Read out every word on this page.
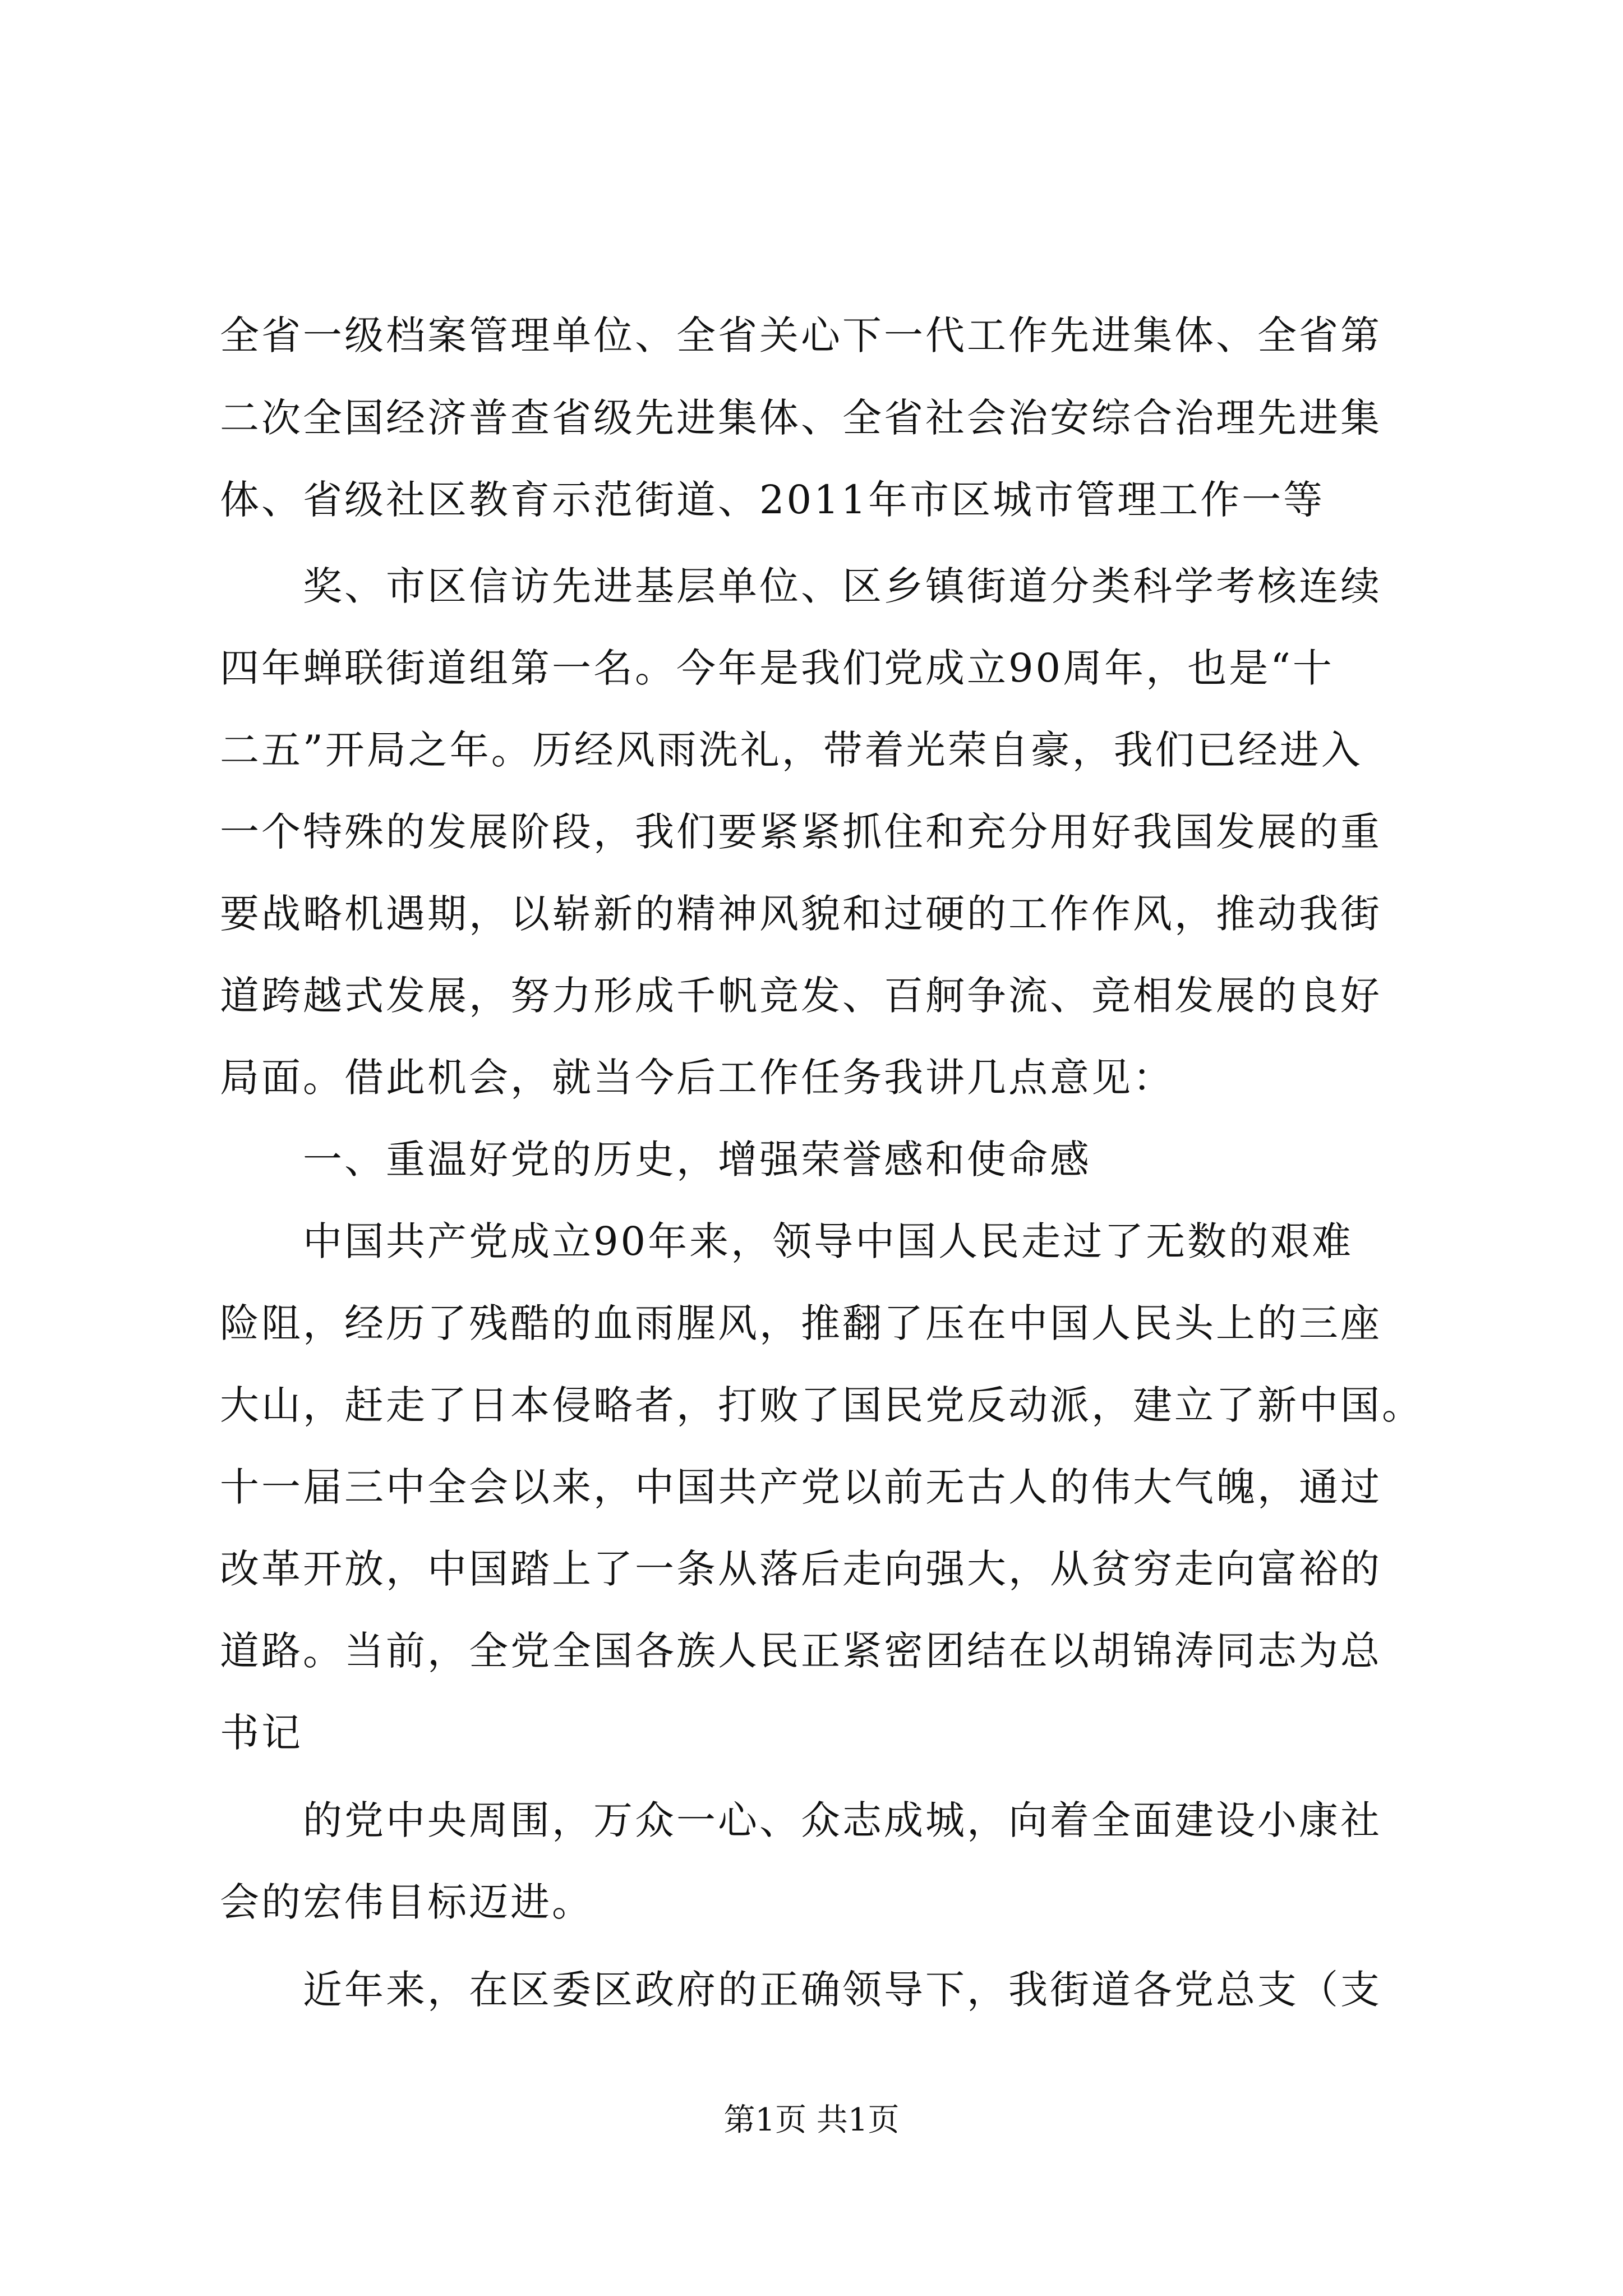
全省一级档案管理单位、全省关心下一代工作先进集体、全省第
二次全国经济普查省级先进集体、全省社会治安综合治理先进集
体、省级社区教育示范街道、2011年市区城市管理工作一等
奖、市区信访先进基层单位、区乡镇街道分类科学考核连续
四年蝉联街道组第一名。今年是我们党成立90周年，也是“十
二五”开局之年。历经风雨洗礼，带着光荣自豪，我们已经进入
一个特殊的发展阶段，我们要紧紧抓住和充分用好我国发展的重
要战略机遇期，以崭新的精神风貌和过硬的工作作风，推动我街
道跨越式发展，努力形成千帆竞发、百舸争流、竞相发展的良好
局面。借此机会，就当今后工作任务我讲几点意见：
一、重温好党的历史，增强荣誉感和使命感
中国共产党成立90年来，领导中国人民走过了无数的艰难
险阻，经历了残酷的血雨腥风，推翻了压在中国人民头上的三座
大山，赶走了日本侵略者，打败了国民党反动派，建立了新中国。
十一届三中全会以来，中国共产党以前无古人的伟大气魄，通过
改革开放，中国踏上了一条从落后走向强大，从贫穷走向富裕的
道路。当前，全党全国各族人民正紧密团结在以胡锦涛同志为总
书记
的党中央周围，万众一心、众志成城，向着全面建设小康社
会的宏伟目标迈进。
近年来，在区委区政府的正确领导下，我街道各党总支（支
第1页 共1页
